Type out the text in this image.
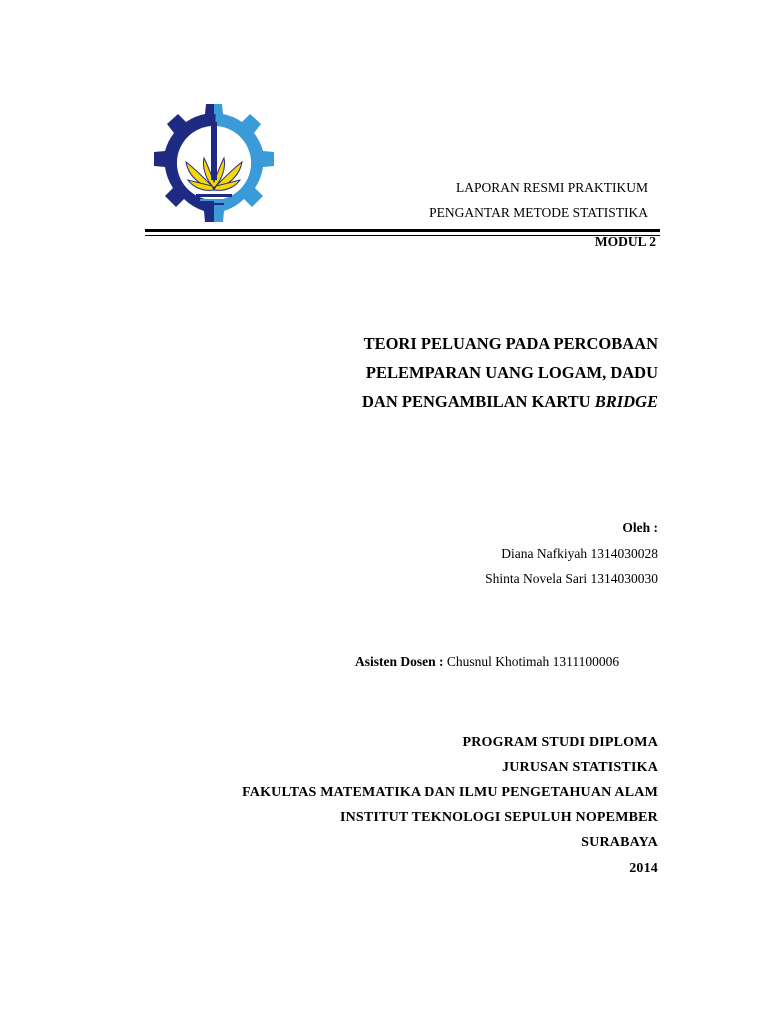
LAPORAN RESMI PRAKTIKUM
PENGANTAR METODE STATISTIKA
MODUL 2
TEORI PELUANG PADA PERCOBAAN
PELEMPARAN UANG LOGAM, DADU
DAN PENGAMBILAN KARTU BRIDGE
Oleh :
Diana Nafkiyah 1314030028
Shinta Novela Sari 1314030030
Asisten Dosen : Chusnul Khotimah 1311100006
PROGRAM STUDI DIPLOMA
JURUSAN STATISTIKA
FAKULTAS MATEMATIKA DAN ILMU PENGETAHUAN ALAM
INSTITUT TEKNOLOGI SEPULUH NOPEMBER
SURABAYA
2014
